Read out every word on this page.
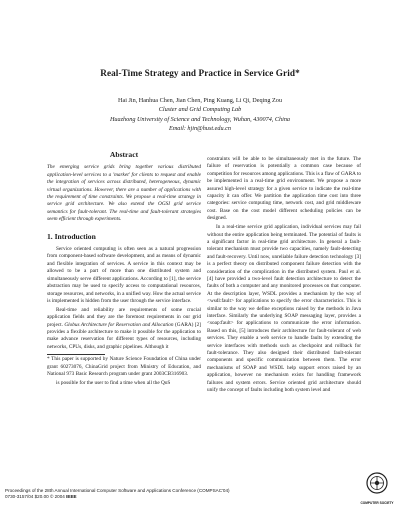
Real-Time Strategy and Practice in Service Grid*
Hai Jin, Hanhua Chen, Jian Chen, Ping Kuang, Li Qi, Deqing Zou
Cluster and Grid Computing Lab
Huazhong University of Science and Technology, Wuhan, 430074, China
Email: hjin@hust.edu.cn
Abstract
The emerging service grids bring together various distributed application-level services to a 'market' for clients to request and enable the integration of services across distributed, heterogeneous, dynamic virtual organizations. However, there are a number of applications with the requirement of time constraints. We propose a real-time strategy in service grid architecture. We also extend the OGSI grid service semantics for fault-tolerant. The real-time and fault-tolerant strategies seem efficient through experiments.
1. Introduction

Service oriented computing is often seen as a natural progression from component-based software development, and as means of dynamic and flexible integration of services. A service in this context may be allowed to be a part of more than one distributed system and simultaneously serve different applications. According to [1], the service abstraction may be used to specify access to computational resources, storage resources, and networks, in a unified way. How the actual service is implemented is hidden from the user through the service interface.

Real-time and reliability are requirements of some crucial application fields and they are the foremost requirements in our grid project. Globus Architecture for Reservation and Allocation (GARA) [2] provides a flexible architecture to make it possible for the application to make advance reservation for different types of resources, including networks, CPUs, disks, and graphic pipelines. Although it

* This paper is supported by Nature Science Foundation of China under grant 60273076, ChinaGrid project from Ministry of Education, and National 973 Basic Research program under grant 2003CB316903.

is possible for the user to find a time when all the QoS

constraints will be able to be simultaneously met in the future. The failure of reservation is potentially a common case because of competition for resources among applications. This is a flaw of GARA to be implemented in a real-time grid environment. We propose a more assured high-level strategy for a given service to indicate the real-time capacity it can offer. We partition the application time cost into three categories: service computing time, network cost, and grid middleware cost. Base on the cost model different scheduling policies can be designed.

In a real-time service grid application, individual services may fail without the entire application being terminated. The potential of faults is a significant factor in real-time grid architecture. In general a fault-tolerant mechanism must provide two capacities, namely fault-detecting and fault-recovery. Until now, unreliable failure detection technology [3] is a perfect theory on distributed component failure detection with the consideration of the complication in the distributed system. Paul et al. [4] have provided a two-level fault detection architecture to detect the faults of both a computer and any monitored processes on that computer. At the description layer, WSDL provides a mechanism by the way of <wsdl:fault> for applications to specify the error characteristics. This is similar to the way we define exceptions raised by the methods in Java interface. Similarly the underlying SOAP messaging layer, provides a <soap:fault> for applications to communicate the error information. Based on this, [5] introduces their architecture for fault-tolerant of web services. They enable a web service to handle faults by extending the service interfaces with methods such as checkpoint and rollback for fault-tolerance. They also designed their distributed fault-tolerant components and specific communication between them. The error mechanisms of SOAP and WSDL help support errors raised by an application, however no mechanism exists for handling framework failures and system errors. Service oriented grid architecture should unify the concept of faults including both system level and

Proceedings of the 28th Annual International Computer Software and Applications Conference (COMPSAC'04)
0730-3157/04 $20.00 © 2004 IEEE
COMPUTER SOCIETY
